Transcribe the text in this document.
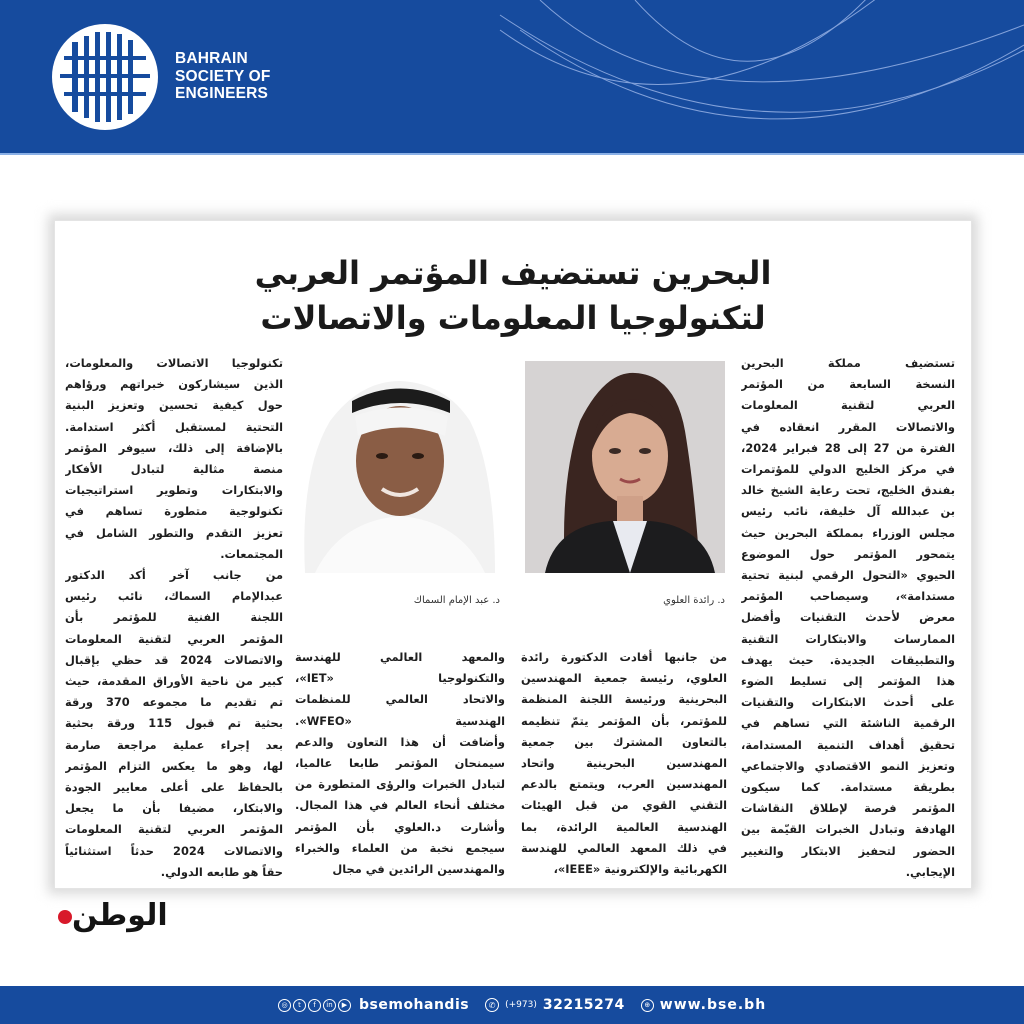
BAHRAIN
SOCIETY OF
ENGINEERS
البحرين تستضيف المؤتمر العربي
لتكنولوجيا المعلومات والاتصالات
تستضيف مملكة البحرين
النسخة السابعة من المؤتمر
العربي لتقنية المعلومات
والاتصالات المقرر انعقاده في
الفترة من 27 إلى 28 فبراير 2024،
في مركز الخليج الدولي للمؤتمرات
بفندق الخليج، تحت رعاية الشيخ خالد
بن عبدالله آل خليفة، نائب رئيس
مجلس الوزراء بمملكة البحرين حيث
يتمحور المؤتمر حول الموضوع
الحيوي «التحول الرقمي لبنية تحتية
مستدامة»، وسيصاحب المؤتمر
معرض لأحدث التقنيات وأفضل
الممارسات والابتكارات التقنية
والتطبيقات الجديدة. حيث يهدف
هذا المؤتمر إلى تسليط الضوء
على أحدث الابتكارات والتقنيات
الرقمية الناشئة التي تساهم في
تحقيق أهداف التنمية المستدامة،
وتعزيز النمو الاقتصادي والاجتماعي
بطريقة مستدامة. كما سيكون
المؤتمر فرصة لإطلاق النقاشات
الهادفة وتبادل الخبرات القيّمة بين
الحضور لتحفيز الابتكار والتغيير
الإيجابي.
د. رائدة العلوي
د. عبد الإمام السماك
من جانبها أفادت الدكتورة رائدة
العلوي، رئيسة جمعية المهندسين
البحرينية ورئيسة اللجنة المنظمة
للمؤتمر، بأن المؤتمر يتمّ تنظيمه
بالتعاون المشترك بين جمعية
المهندسين البحرينية واتحاد
المهندسين العرب، ويتمتع بالدعم
التقني القوي من قبل الهيئات
الهندسية العالمية الرائدة، بما
في ذلك المعهد العالمي للهندسة
الكهربائية والإلكترونية «IEEE»،
والمعهد العالمي للهندسة
والتكنولوجيا «IET»،
والاتحاد العالمي للمنظمات
الهندسية «WFEO».
وأضافت أن هذا التعاون والدعم
سيمنحان المؤتمر طابعا عالميا،
لتبادل الخبرات والرؤى المتطورة من
مختلف أنحاء العالم في هذا المجال.
وأشارت د.العلوي بأن المؤتمر
سيجمع نخبة من العلماء والخبراء
والمهندسين الرائدين في مجال
تكنولوجيا الاتصالات والمعلومات،
الذين سيشاركون خبراتهم ورؤاهم
حول كيفية تحسين وتعزيز البنية
التحتية لمستقبل أكثر استدامة.
بالإضافة إلى ذلك، سيوفر المؤتمر
منصة مثالية لتبادل الأفكار
والابتكارات وتطوير استراتيجيات
تكنولوجية متطورة تساهم في
تعزيز التقدم والتطور الشامل في
المجتمعات.
من جانب آخر أكد الدكتور
عبدالإمام السماك، نائب رئيس
اللجنة الفنية للمؤتمر بأن
المؤتمر العربي لتقنية المعلومات
والاتصالات 2024 قد حظي بإقبال
كبير من ناحية الأوراق المقدمة، حيث
تم تقديم ما مجموعه 370 ورقة
بحثية تم قبول 115 ورقة بحثية
بعد إجراء عملية مراجعة صارمة
لها، وهو ما يعكس التزام المؤتمر
بالحفاظ على أعلى معايير الجودة
والابتكار، مضيفا بأن ما يجعل
المؤتمر العربي لتقنية المعلومات
والاتصالات 2024 حدثاً استثنائياً
حقاً هو طابعه الدولي.
الوطن
◎	t	f	in	▶ bsemohandis	✆	(+973) 32215274	⊕ www.bse.bh
